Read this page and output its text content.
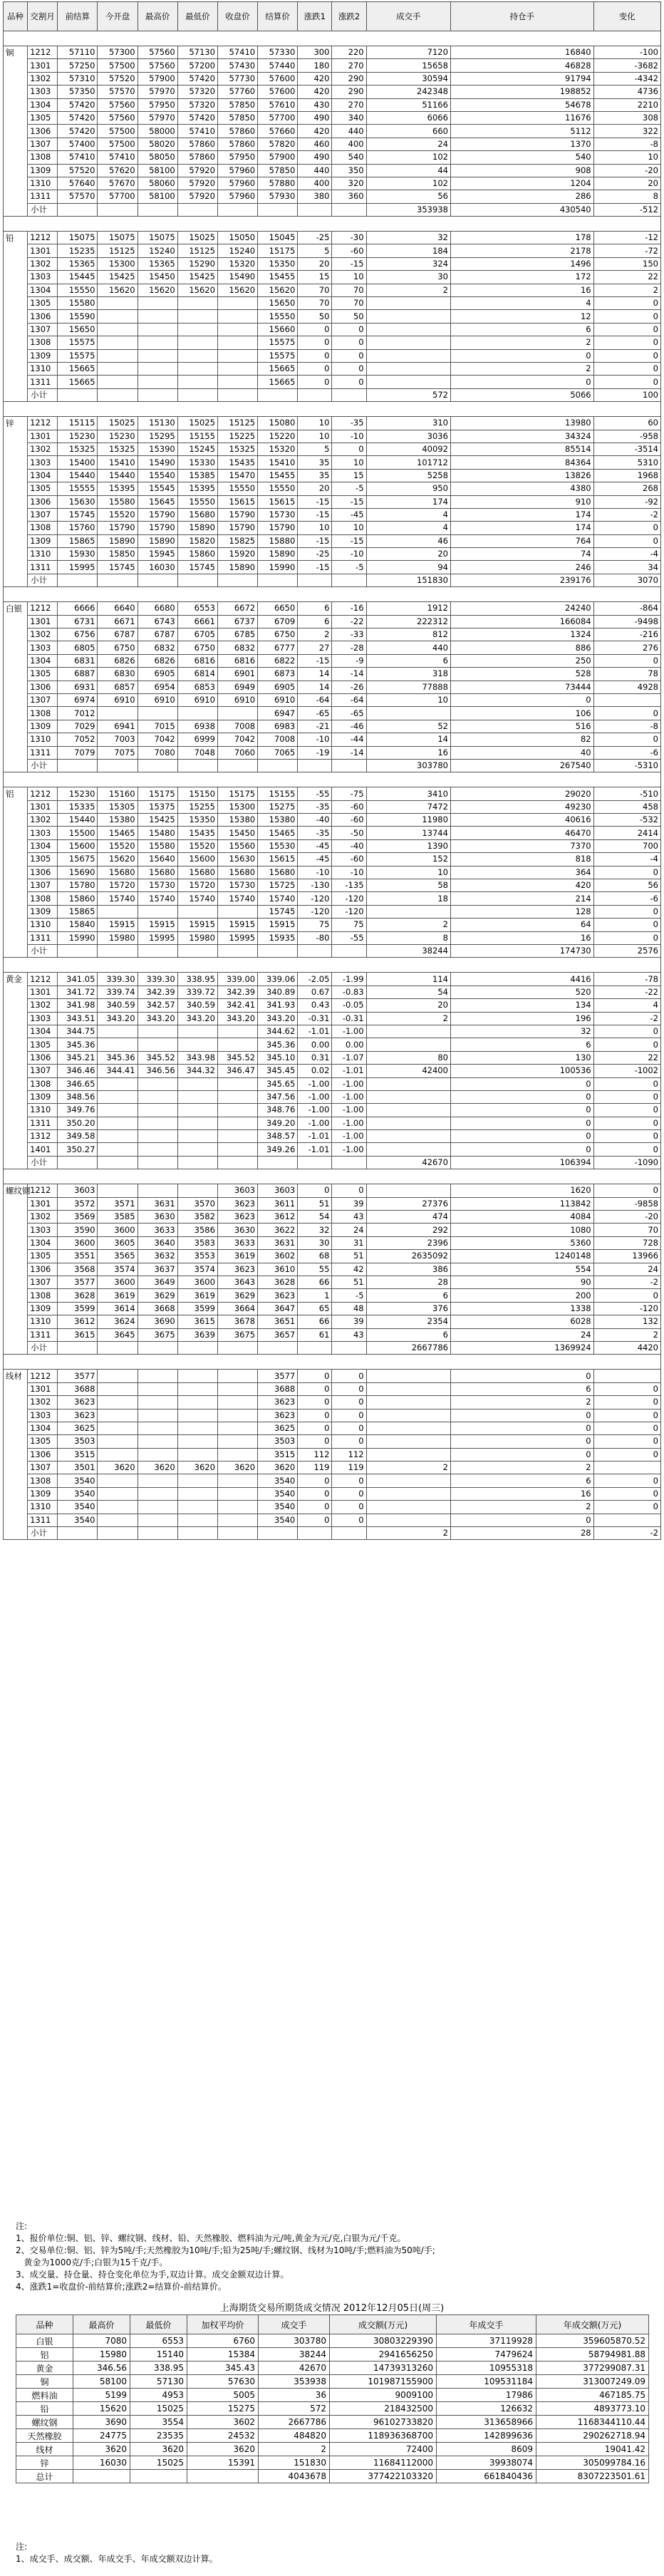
品种	交割月	前结算	今开盘	最高价	最低价	收盘价	结算价	涨跌1	涨跌2	成交手	持仓手	变化

铜	1212	57110	57300	57560	57130	57410	57330	300	220	7120	16840	-100
	1301	57250	57500	57560	57200	57430	57440	180	270	15658	46828	-3682
	1302	57310	57520	57900	57420	57730	57600	420	290	30594	91794	-4342
	1303	57350	57570	57970	57320	57760	57600	420	290	242348	198852	4736
	1304	57420	57560	57950	57320	57850	57610	430	270	51166	54678	2210
	1305	57420	57560	57970	57420	57850	57700	490	340	6066	11676	308
	1306	57420	57500	58000	57410	57860	57660	420	440	660	5112	322
	1307	57400	57500	58020	57860	57860	57820	460	400	24	1370	-8
	1308	57410	57410	58050	57860	57950	57900	490	540	102	540	10
	1309	57520	57620	58100	57920	57960	57850	440	350	44	908	-20
	1310	57640	57670	58060	57920	57960	57880	400	320	102	1204	20
	1311	57570	57700	58100	57920	57960	57930	380	360	56	286	8
	小计									353938	430540	-512

铅	1212	15075	15075	15075	15025	15050	15045	-25	-30	32	178	-12
	1301	15235	15125	15240	15125	15240	15175	5	-60	184	2178	-72
	1302	15365	15300	15365	15290	15320	15350	20	-15	324	1496	150
	1303	15445	15425	15450	15425	15490	15455	15	10	30	172	22
	1304	15550	15620	15620	15620	15620	15620	70	70	2	16	2
	1305	15580					15650	70	70		4	0
	1306	15590					15550	50	50		12	0
	1307	15650					15660	0	0		6	0
	1308	15575					15575	0	0		2	0
	1309	15575					15575	0	0		0	0
	1310	15665					15665	0	0		2	0
	1311	15665					15665	0	0		0	0
	小计									572	5066	100

锌	1212	15115	15025	15130	15025	15125	15080	10	-35	310	13980	60
	1301	15230	15230	15295	15155	15225	15220	10	-10	3036	34324	-958
	1302	15325	15325	15390	15245	15325	15320	5	0	40092	85514	-3514
	1303	15400	15410	15490	15330	15435	15410	35	10	101712	84364	5310
	1304	15440	15440	15540	15385	15470	15455	35	15	5258	13826	1968
	1305	15555	15395	15545	15395	15550	15550	20	-5	950	4380	268
	1306	15630	15580	15645	15550	15615	15615	-15	-15	174	910	-92
	1307	15745	15520	15790	15680	15790	15730	-15	-45	4	174	-2
	1308	15760	15790	15790	15890	15790	15790	10	10	4	174	0
	1309	15865	15890	15890	15820	15825	15880	-15	-15	46	764	0
	1310	15930	15850	15945	15860	15920	15890	-25	-10	20	74	-4
	1311	15995	15745	16030	15745	15890	15990	-15	-5	94	246	34
	小计									151830	239176	3070

白银	1212	6666	6640	6680	6553	6672	6650	6	-16	1912	24240	-864
	1301	6731	6671	6743	6661	6737	6709	6	-22	222312	166084	-9498
	1302	6756	6787	6787	6705	6785	6750	2	-33	812	1324	-216
	1303	6805	6750	6832	6750	6832	6777	27	-28	440	886	276
	1304	6831	6826	6826	6816	6816	6822	-15	-9	6	250	0
	1305	6887	6830	6905	6814	6901	6873	14	-14	318	528	78
	1306	6931	6857	6954	6853	6949	6905	14	-26	77888	73444	4928
	1307	6974	6910	6910	6910	6910	6910	-64	-64	10	0	
	1308	7012					6947	-65	-65		106	0
	1309	7029	6941	7015	6938	7008	6983	-21	-46	52	516	-8
	1310	7052	7003	7042	6999	7042	7008	-10	-44	14	82	0
	1311	7079	7075	7080	7048	7060	7065	-19	-14	16	40	-6
	小计									303780	267540	-5310

铝	1212	15230	15160	15175	15150	15175	15155	-55	-75	3410	29020	-510
	1301	15335	15305	15375	15255	15300	15275	-35	-60	7472	49230	458
	1302	15440	15380	15425	15350	15380	15380	-40	-60	11980	40616	-532
	1303	15500	15465	15480	15435	15450	15465	-35	-50	13744	46470	2414
	1304	15600	15520	15580	15520	15560	15530	-45	-40	1390	7370	700
	1305	15675	15620	15640	15600	15630	15615	-45	-60	152	818	-4
	1306	15690	15680	15680	15680	15680	15680	-10	-10	10	364	0
	1307	15780	15720	15730	15720	15730	15725	-130	-135	58	420	56
	1308	15860	15740	15740	15740	15740	15740	-120	-120	18	214	-6
	1309	15865					15745	-120	-120		128	0
	1310	15840	15915	15915	15915	15915	15915	75	75	2	64	0
	1311	15990	15980	15995	15980	15995	15935	-80	-55	8	16	0
	小计									38244	174730	2576

黄金	1212	341.05	339.30	339.30	338.95	339.00	339.06	-2.05	-1.99	114	4416	-78
	1301	341.72	339.74	342.39	339.72	342.39	340.89	0.67	-0.83	54	520	-22
	1302	341.98	340.59	342.57	340.59	342.41	341.93	0.43	-0.05	20	134	4
	1303	343.51	343.20	343.20	343.20	343.20	343.20	-0.31	-0.31	2	196	-2
	1304	344.75					344.62	-1.01	-1.00		32	0
	1305	345.36					345.36	0.00	0.00		6	0
	1306	345.21	345.36	345.52	343.98	345.52	345.10	0.31	-1.07	80	130	22
	1307	346.46	344.41	346.56	344.32	346.47	345.45	0.02	-1.01	42400	100536	-1002
	1308	346.65					345.65	-1.00	-1.00		0	0
	1309	348.56					347.56	-1.00	-1.00		0	0
	1310	349.76					348.76	-1.00	-1.00		0	0
	1311	350.20					349.20	-1.00	-1.00		0	0
	1312	349.58					348.57	-1.01	-1.00		0	0
	1401	350.27					349.26	-1.01	-1.00		0	0
	小计									42670	106394	-1090

螺纹钢	1212	3603				3603	3603	0	0		1620	0
	1301	3572	3571	3631	3570	3623	3611	51	39	27376	113842	-9858
	1302	3569	3585	3630	3582	3623	3612	54	43	474	4084	-20
	1303	3590	3600	3633	3586	3630	3622	32	24	292	1080	70
	1304	3600	3605	3640	3583	3633	3631	30	31	2396	5360	728
	1305	3551	3565	3632	3553	3619	3602	68	51	2635092	1240148	13966
	1306	3568	3574	3637	3574	3623	3610	55	42	386	554	24
	1307	3577	3600	3649	3600	3643	3628	66	51	28	90	-2
	1308	3628	3619	3629	3619	3629	3623	1	-5	6	200	0
	1309	3599	3614	3668	3599	3664	3647	65	48	376	1338	-120
	1310	3612	3624	3690	3615	3678	3651	66	39	2354	6028	132
	1311	3615	3645	3675	3639	3675	3657	61	43	6	24	2
	小计									2667786	1369924	4420

线材	1212	3577					3577	0	0		0	
	1301	3688					3688	0	0		6	0
	1302	3623					3623	0	0		2	0
	1303	3623					3623	0	0		0	0
	1304	3625					3625	0	0		0	0
	1305	3503					3503	0	0		0	0
	1306	3515					3515	112	112		0	0
	1307	3501	3620	3620	3620	3620	3620	119	119	2	2	
	1308	3540					3540	0	0		6	0
	1309	3540					3540	0	0		16	0
	1310	3540					3540	0	0		2	0
	1311	3540					3540	0	0		0	
	小计									2	28	-2
注:
1、报价单位:铜、铝、锌、螺纹钢、线材、铅、天然橡胶、燃料油为元/吨,黄金为元/克,白银为元/千克。
2、交易单位:铜、铝、锌为5吨/手;天然橡胶为10吨/手;铅为25吨/手;螺纹钢、线材为10吨/手;燃料油为50吨/手;
黄金为1000克/手;白银为15千克/手。
3、成交量、持仓量、持仓变化单位为手,双边计算。成交金额双边计算。
4、涨跌1=收盘价-前结算价;涨跌2=结算价-前结算价。
上海期货交易所期货成交情况 2012年12月05日(周三)
品种	最高价	最低价	加权平均价	成交手	成交额(万元)	年成交手	年成交额(万元)
白银	7080	6553	6760	303780	30803229390	37119928	359605870.52
铝	15980	15140	15384	38244	2941656250	7479624	58794981.88
黄金	346.56	338.95	345.43	42670	14739313260	10955318	377299087.31
铜	58100	57130	57630	353938	101987155900	109531184	313007249.09
燃料油	5199	4953	5005	36	9009100	17986	467185.75
铅	15620	15025	15275	572	218432500	126632	4893773.10
螺纹钢	3690	3554	3602	2667786	96102733820	313658966	1168344110.44
天然橡胶	24775	23535	24532	484820	118936368700	142899636	290262718.94
线材	3620	3620	3620	2	72400	8609	19041.42
锌	16030	15025	15391	151830	11684112000	39938074	305099784.16
总计				4043678	377422103320	661840436	8307223501.61
注:
1、成交手、成交额、年成交手、年成交额双边计算。
